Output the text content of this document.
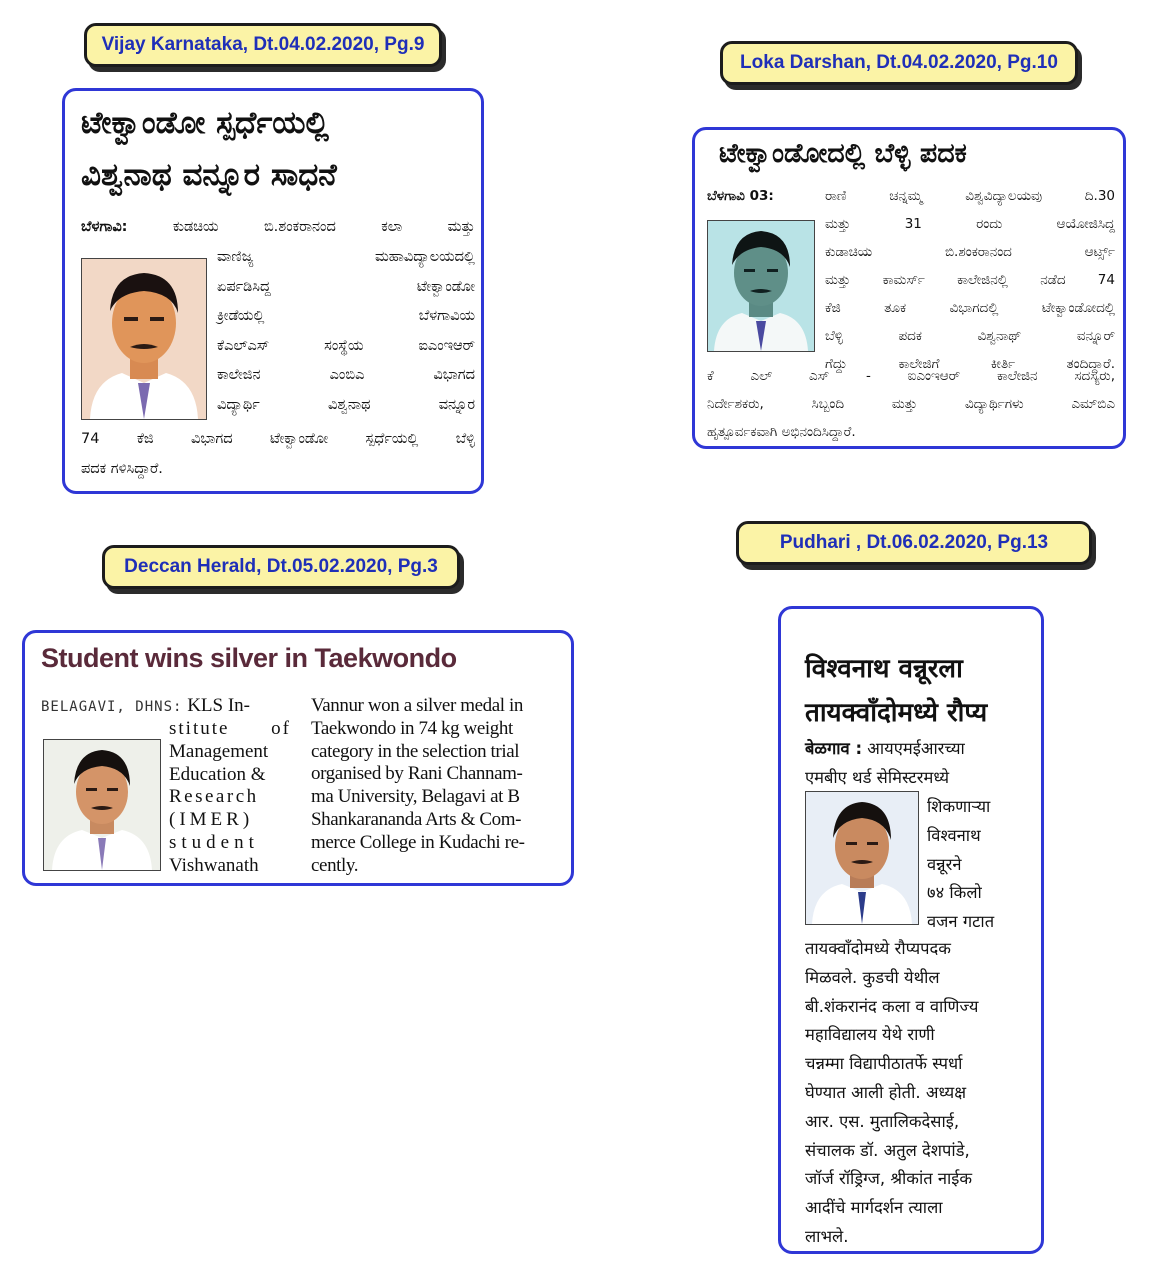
Vijay Karnataka, Dt.04.02.2020, Pg.9
Loka Darshan, Dt.04.02.2020, Pg.10
Deccan Herald, Dt.05.02.2020, Pg.3
Pudhari , Dt.06.02.2020, Pg.13
ಟೇಕ್ವಾಂಡೋ ಸ್ಪರ್ಧೆಯಲ್ಲಿ
ವಿಶ್ವನಾಥ ವನ್ನೂರ ಸಾಧನೆ
ಬೆಳಗಾವಿ:	ಕುಡಚಿಯ ಬಿ.ಶಂಕರಾನಂದ ಕಲಾ ಮತ್ತು
ವಾಣಿಜ್ಯ ಮಹಾವಿದ್ಯಾಲಯದಲ್ಲಿ
ಏರ್ಪಡಿಸಿದ್ದ ಟೇಕ್ವಾಂಡೋ
ಕ್ರೀಡೆಯಲ್ಲಿ ಬೆಳಗಾವಿಯ
ಕೆಎಲ್‌ಎಸ್ ಸಂಸ್ಥೆಯ ಐಎಂಇಆರ್
ಕಾಲೇಜಿನ ಎಂಬಿಎ ವಿಭಾಗದ
ವಿದ್ಯಾರ್ಥಿ ವಿಶ್ವನಾಥ ವನ್ನೂರ
74 ಕೆಜಿ ವಿಭಾಗದ ಟೇಕ್ವಾಂಡೋ ಸ್ಪರ್ಧೆಯಲ್ಲಿ ಬೆಳ್ಳಿ
ಪದಕ ಗಳಿಸಿದ್ದಾರೆ.
ಟೇಕ್ವಾಂಡೋದಲ್ಲಿ ಬೆಳ್ಳಿ ಪದಕ
ಬೆಳಗಾವಿ 03:	ರಾಣಿ ಚನ್ನಮ್ಮ ವಿಶ್ವವಿದ್ಯಾಲಯವು ದಿ.30
ಮತ್ತು 31 ರಂದು ಆಯೋಜಿಸಿದ್ದ
ಕುಡಾಚಿಯ ಬಿ.ಶಂಕರಾನಂದ ಆರ್ಟ್ಸ್
ಮತ್ತು ಕಾಮರ್ಸ್ ಕಾಲೇಜಿನಲ್ಲಿ ನಡೆದ 74
ಕೆಜಿ ತೂಕ ವಿಭಾಗದಲ್ಲಿ ಟೇಕ್ವಾಂಡೋದಲ್ಲಿ
ಬೆಳ್ಳಿ ಪದಕ ವಿಶ್ವನಾಥ್ ವನ್ನೂರ್
ಗೆದ್ದು ಕಾಲೇಜಿಗೆ ಕೀರ್ತಿ ತಂದಿದ್ದಾರೆ.
ಕೆ ಎಲ್ ಎಸ್ - ಐಎಂಇಆರ್ ಕಾಲೇಜಿನ ಸದಸ್ಯರು,
ನಿರ್ದೇಶಕರು, ಸಿಬ್ಬಂದಿ ಮತ್ತು ವಿದ್ಯಾರ್ಥಿಗಳು ಎಮ್‌ಬಿಎ
ಹೃತ್ಪೂರ್ವಕವಾಗಿ ಅಭಿನಂದಿಸಿದ್ದಾರೆ.
Student wins silver in Taekwondo
BELAGAVI, DHNS: KLS In-
stitute of
Management
Education &
Research
(IMER)
student
Vishwanath
Vannur won a silver medal in
Taekwondo in 74 kg weight
category in the selection trial
organised by Rani Channam-
ma University, Belagavi at B
Shankarananda Arts & Com-
merce College in Kudachi re-
cently.
विश्वनाथ वन्नूरला
तायक्वाँदोमध्ये रौप्य
बेळगाव : आयएमईआरच्या
एमबीए थर्ड सेमिस्टरमध्ये
शिकणाऱ्या
विश्वनाथ
वन्नूरने
७४ किलो
वजन गटात
तायक्वाँदोमध्ये रौप्यपदक
मिळवले. कुडची येथील
बी.शंकरानंद कला व वाणिज्य
महाविद्यालय येथे राणी
चन्नम्मा विद्यापीठातर्फे स्पर्धा
घेण्यात आली होती. अध्यक्ष
आर. एस. मुतालिकदेसाई,
संचालक डॉ. अतुल देशपांडे,
जॉर्ज रॉड्रिग्ज, श्रीकांत नाईक
आदींचे मार्गदर्शन त्याला
लाभले.
